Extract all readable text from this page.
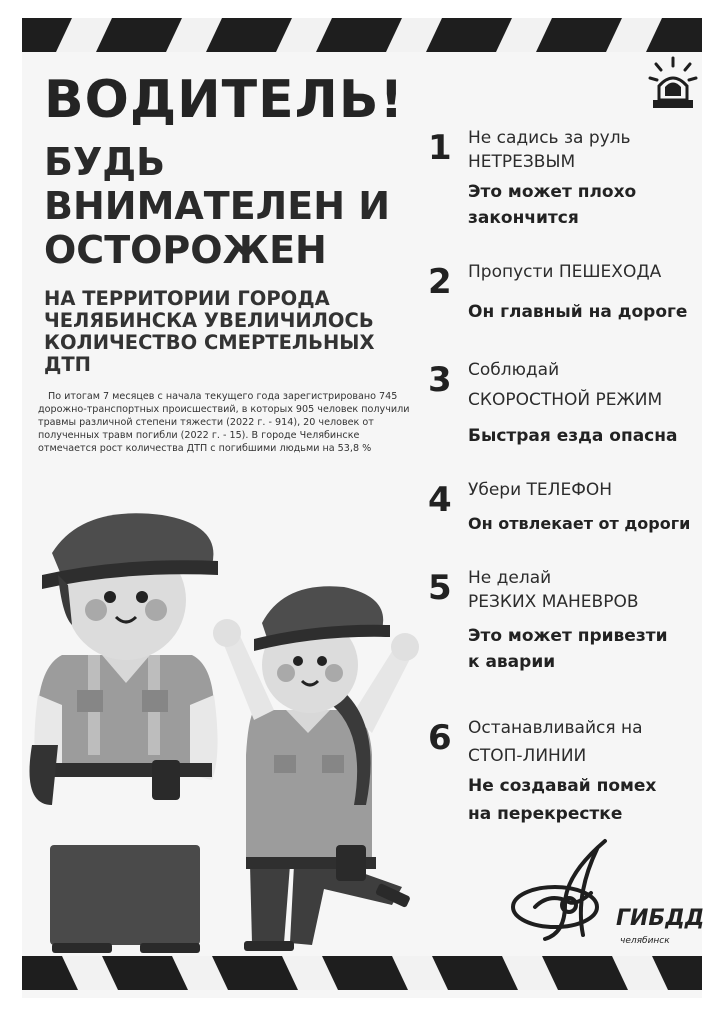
ВОДИТЕЛЬ!
БУДЬ
ВНИМАТЕЛЕН И
ОСТОРОЖЕН
НА ТЕРРИТОРИИ ГОРОДА
ЧЕЛЯБИНСКА УВЕЛИЧИЛОСЬ
КОЛИЧЕСТВО СМЕРТЕЛЬНЫХ
ДТП

По итогам 7 месяцев с начала текущего года зарегистрировано 745 дорожно-транспортных происшествий, в которых 905 человек получили травмы различной степени тяжести (2022 г. - 914), 20 человек от полученных травм погибли (2022 г. - 15). В городе Челябинске отмечается рост количества ДТП с погибшими людьми на 53,8 %

1 Не садись за руль
НЕТРЕЗВЫМ
Это может плохо
закончится
2 Пропусти ПЕШЕХОДА
Он главный на дороге
3 Соблюдай
СКОРОСТНОЙ РЕЖИМ
Быстрая езда опасна
4 Убери ТЕЛЕФОН
Он отвлекает от дороги
5 Не делай
РЕЗКИХ МАНЕВРОВ
Это может привезти
к аварии
6 Останавливайся на
СТОП-ЛИНИИ
Не создавай помех
на перекрестке
ГИБДД
челябинск
